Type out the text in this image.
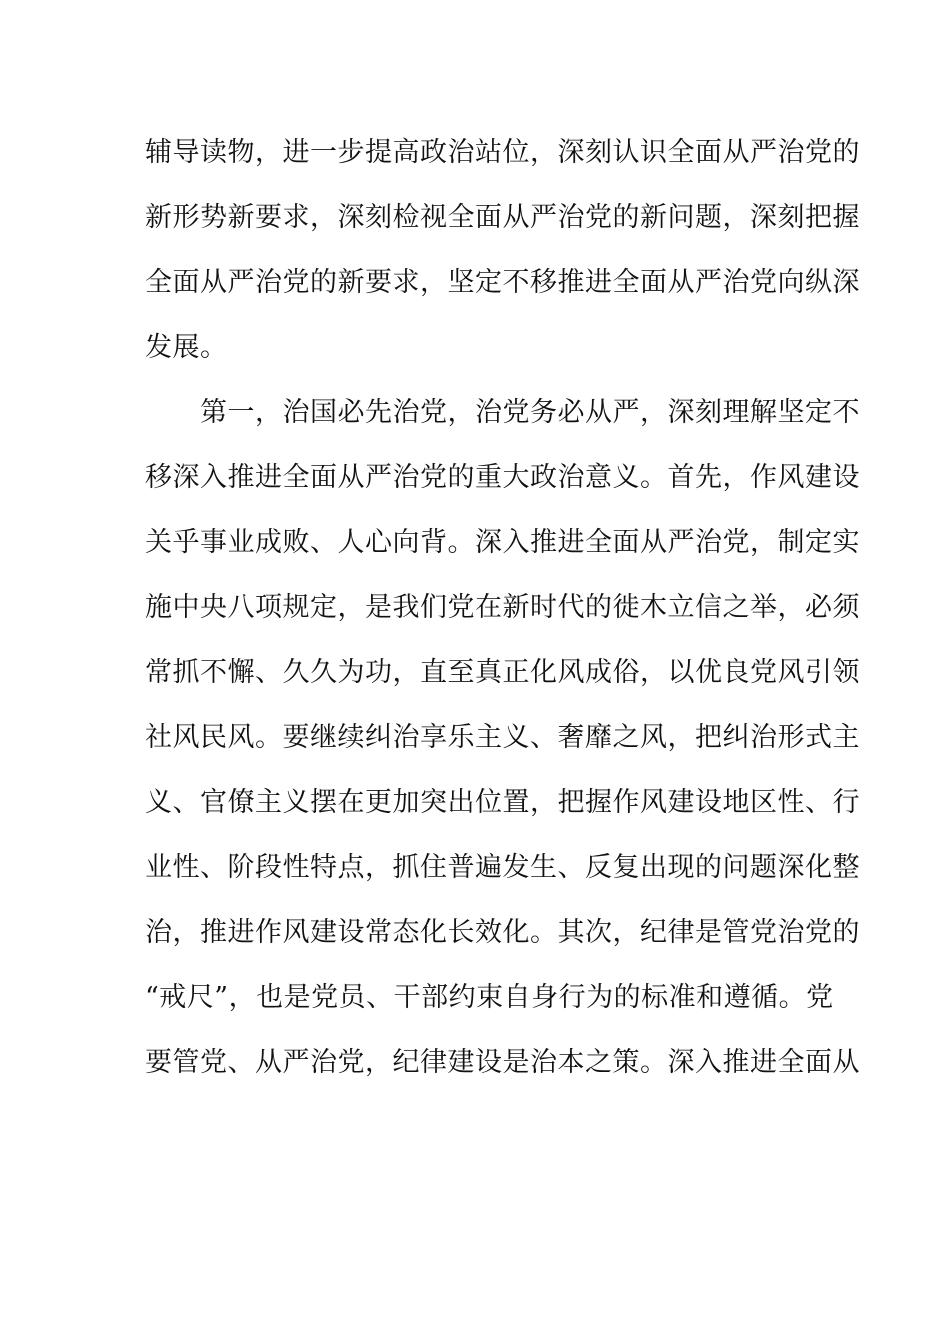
辅导读物，进一步提高政治站位，深刻认识全面从严治党的
新形势新要求，深刻检视全面从严治党的新问题，深刻把握
全面从严治党的新要求，坚定不移推进全面从严治党向纵深
发展。
　　第一，治国必先治党，治党务必从严，深刻理解坚定不
移深入推进全面从严治党的重大政治意义。首先，作风建设
关乎事业成败、人心向背。深入推进全面从严治党，制定实
施中央八项规定，是我们党在新时代的徙木立信之举，必须
常抓不懈、久久为功，直至真正化风成俗，以优良党风引领
社风民风。要继续纠治享乐主义、奢靡之风，把纠治形式主
义、官僚主义摆在更加突出位置，把握作风建设地区性、行
业性、阶段性特点，抓住普遍发生、反复出现的问题深化整
治，推进作风建设常态化长效化。其次，纪律是管党治党的
“戒尺”，也是党员、干部约束自身行为的标准和遵循。党
要管党、从严治党，纪律建设是治本之策。深入推进全面从
